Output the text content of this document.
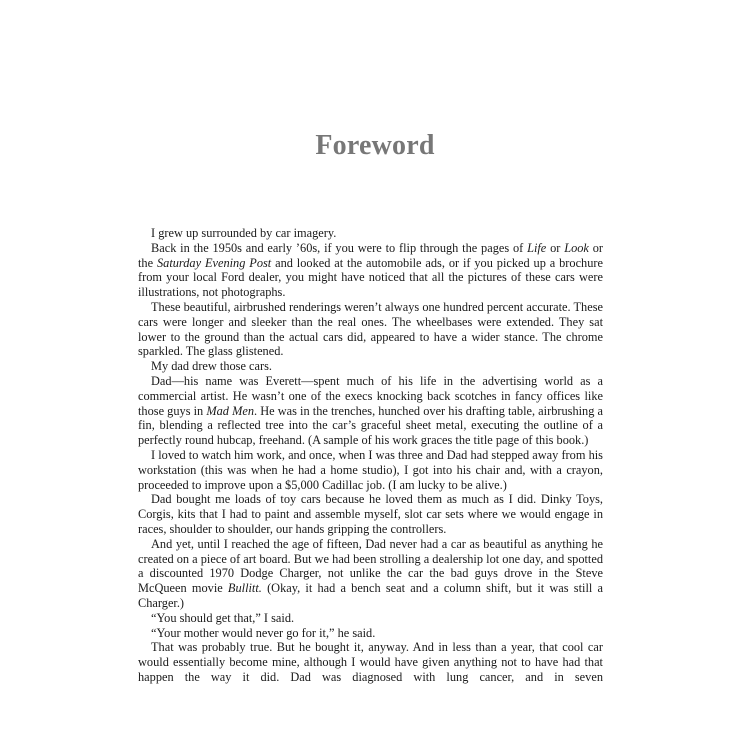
Foreword

I grew up surrounded by car imagery.

Back in the 1950s and early ’60s, if you were to flip through the pages of Life or Look or the Saturday Evening Post and looked at the automobile ads, or if you picked up a brochure from your local Ford dealer, you might have noticed that all the pictures of these cars were illustrations, not photographs.

These beautiful, airbrushed renderings weren’t always one hundred percent accurate. These cars were longer and sleeker than the real ones. The wheelbases were extended. They sat lower to the ground than the actual cars did, appeared to have a wider stance. The chrome sparkled. The glass glistened.

My dad drew those cars.

Dad—his name was Everett—spent much of his life in the advertising world as a commercial artist. He wasn’t one of the execs knocking back scotches in fancy offices like those guys in Mad Men. He was in the trenches, hunched over his drafting table, airbrushing a fin, blending a reflected tree into the car’s graceful sheet metal, executing the outline of a perfectly round hubcap, freehand. (A sample of his work graces the title page of this book.)

I loved to watch him work, and once, when I was three and Dad had stepped away from his workstation (this was when he had a home studio), I got into his chair and, with a crayon, proceeded to improve upon a $5,000 Cadillac job. (I am lucky to be alive.)

Dad bought me loads of toy cars because he loved them as much as I did. Dinky Toys, Corgis, kits that I had to paint and assemble myself, slot car sets where we would engage in races, shoulder to shoulder, our hands gripping the controllers.

And yet, until I reached the age of fifteen, Dad never had a car as beautiful as anything he created on a piece of art board. But we had been strolling a dealership lot one day, and spotted a discounted 1970 Dodge Charger, not unlike the car the bad guys drove in the Steve McQueen movie Bullitt. (Okay, it had a bench seat and a column shift, but it was still a Charger.)

“You should get that,” I said.

“Your mother would never go for it,” he said.

That was probably true. But he bought it, anyway. And in less than a year, that cool car would essentially become mine, although I would have given anything not to have had that happen the way it did. Dad was diagnosed with lung cancer, and in seven
